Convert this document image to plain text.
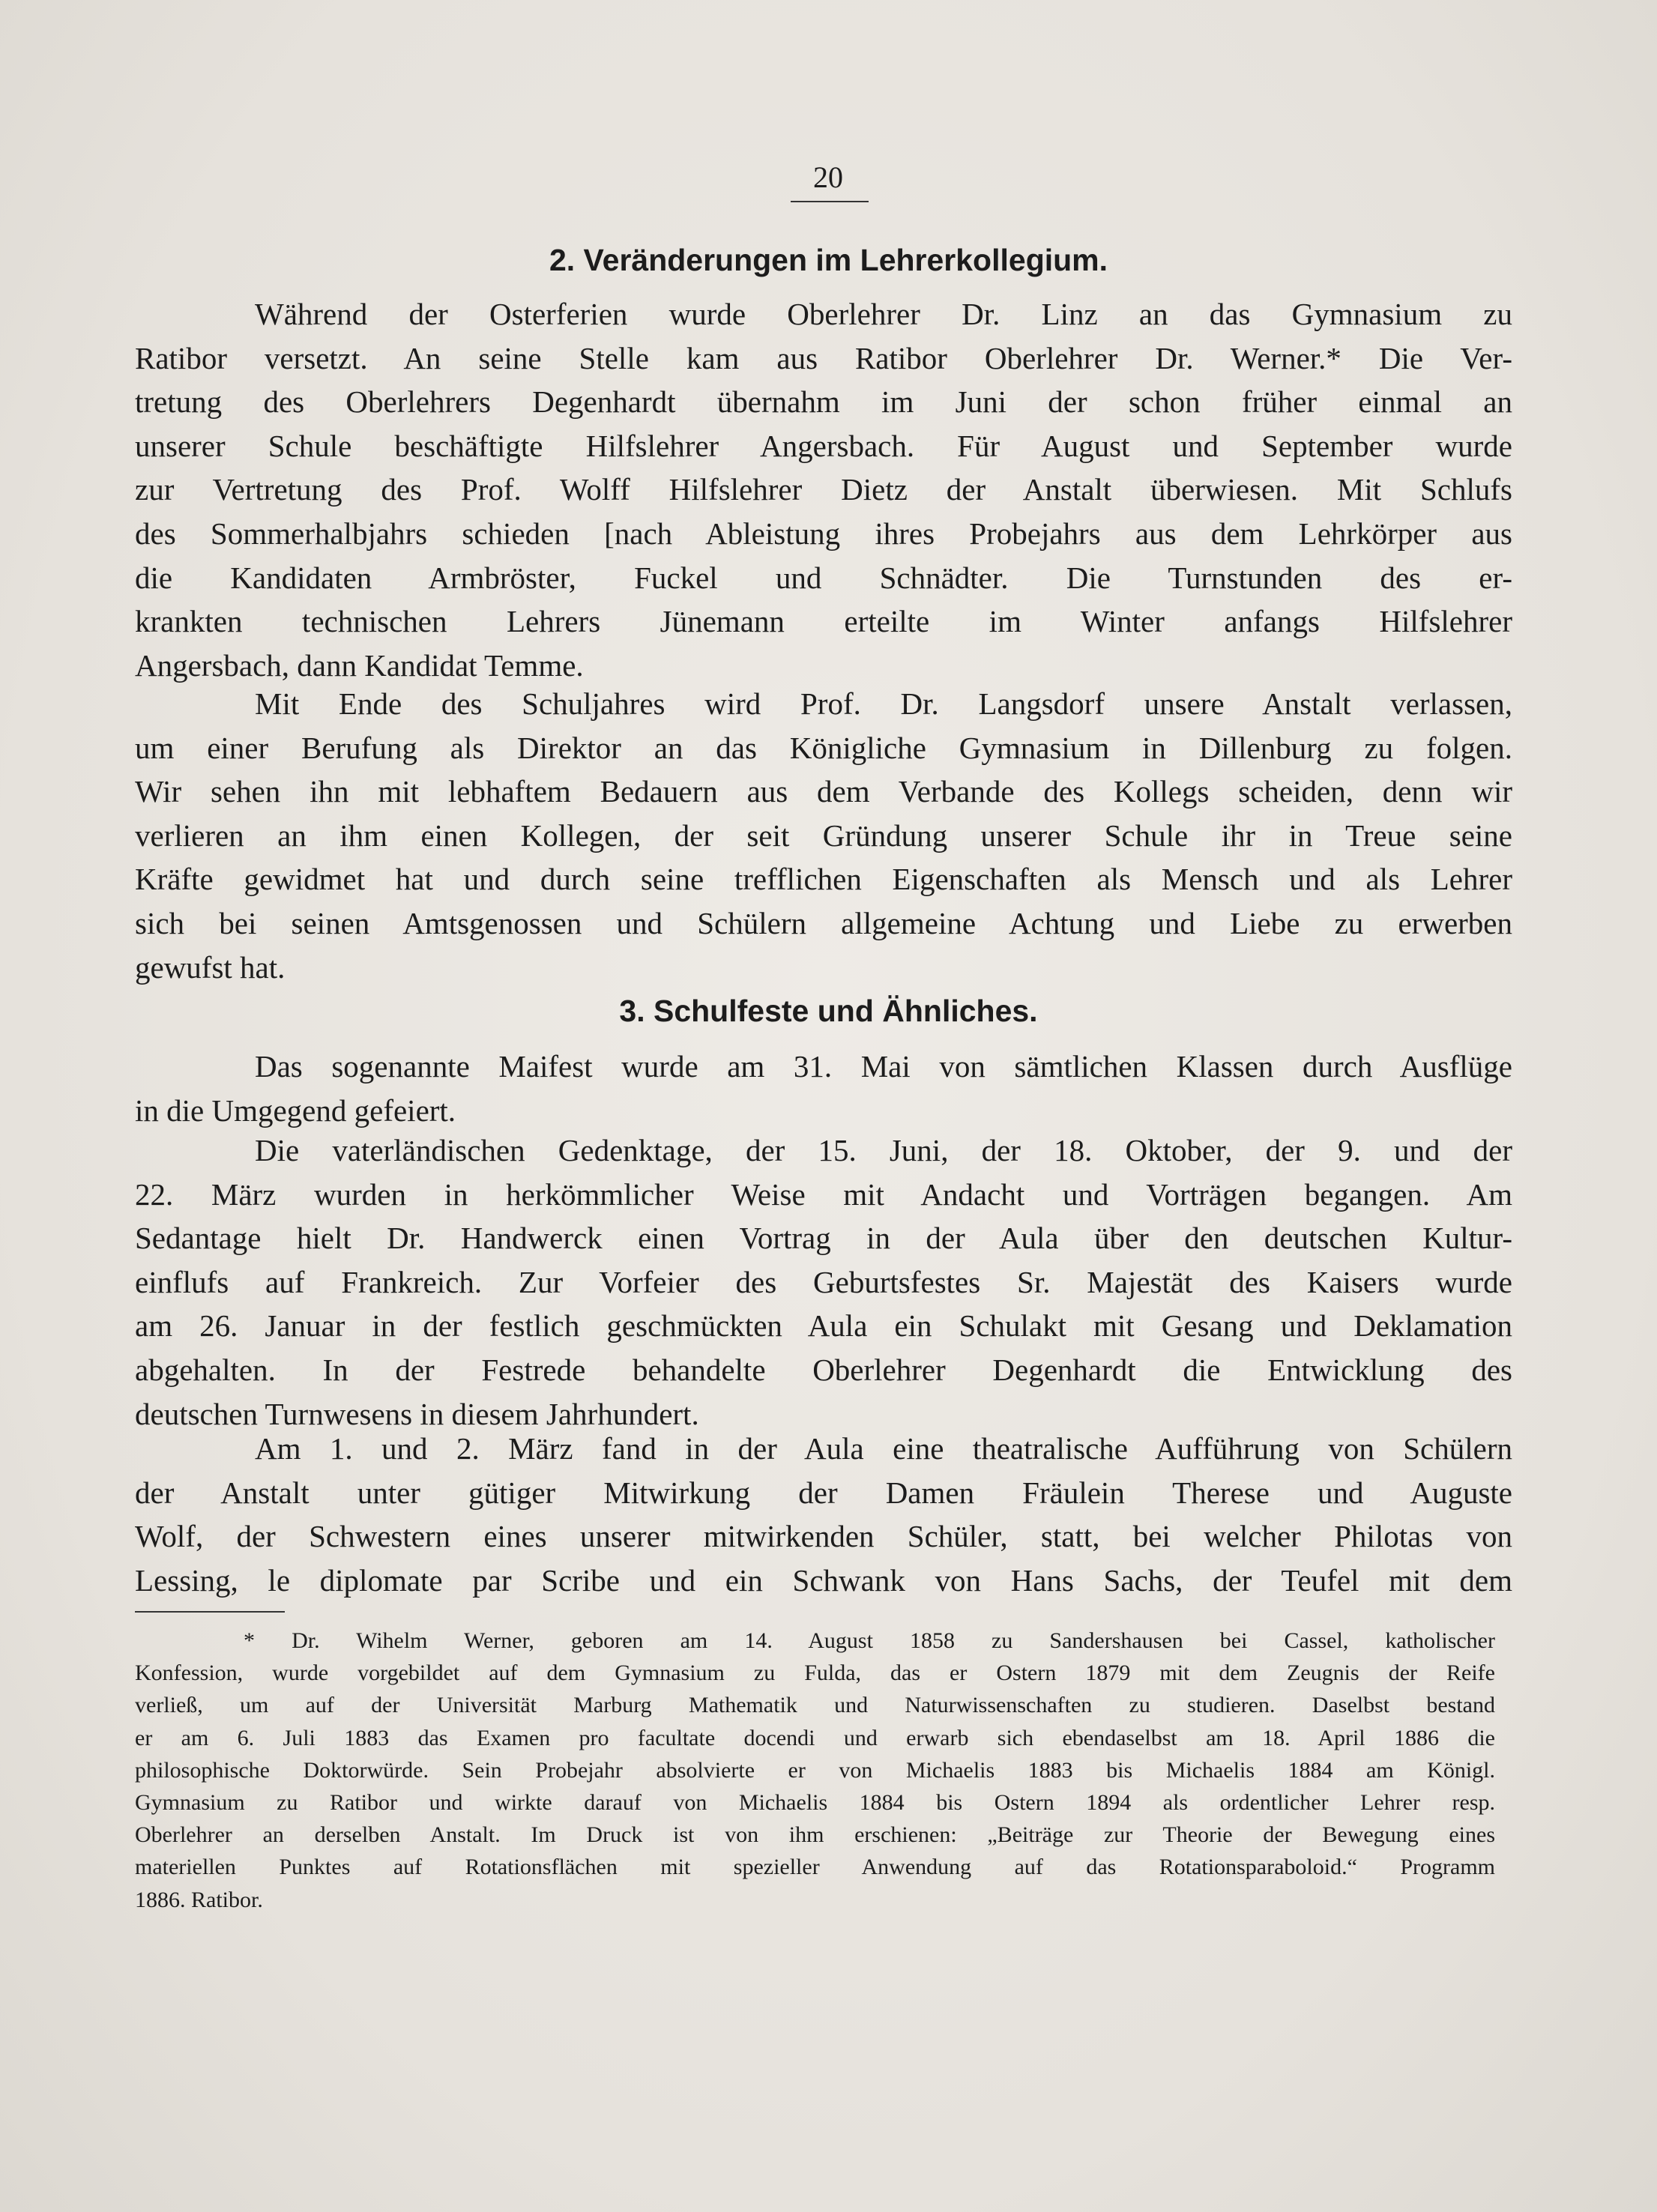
20
2. Veränderungen im Lehrerkollegium.
Während der Osterferien wurde Oberlehrer Dr. Linz an das Gymnasium zu
Ratibor versetzt. An seine Stelle kam aus Ratibor Oberlehrer Dr. Werner.* Die Ver-
tretung des Oberlehrers Degenhardt übernahm im Juni der schon früher einmal an
unserer Schule beschäftigte Hilfslehrer Angersbach. Für August und September wurde
zur Vertretung des Prof. Wolff Hilfslehrer Dietz der Anstalt überwiesen. Mit Schlufs
des Sommerhalbjahrs schieden [nach Ableistung ihres Probejahrs aus dem Lehrkörper aus
die Kandidaten Armbröster, Fuckel und Schnädter. Die Turnstunden des er-
krankten technischen Lehrers Jünemann erteilte im Winter anfangs Hilfslehrer
Angersbach, dann Kandidat Temme.
Mit Ende des Schuljahres wird Prof. Dr. Langsdorf unsere Anstalt verlassen,
um einer Berufung als Direktor an das Königliche Gymnasium in Dillenburg zu folgen.
Wir sehen ihn mit lebhaftem Bedauern aus dem Verbande des Kollegs scheiden, denn wir
verlieren an ihm einen Kollegen, der seit Gründung unserer Schule ihr in Treue seine
Kräfte gewidmet hat und durch seine trefflichen Eigenschaften als Mensch und als Lehrer
sich bei seinen Amtsgenossen und Schülern allgemeine Achtung und Liebe zu erwerben
gewufst hat.
3. Schulfeste und Ähnliches.
Das sogenannte Maifest wurde am 31. Mai von sämtlichen Klassen durch Ausflüge
in die Umgegend gefeiert.
Die vaterländischen Gedenktage, der 15. Juni, der 18. Oktober, der 9. und der
22. März wurden in herkömmlicher Weise mit Andacht und Vorträgen begangen. Am
Sedantage hielt Dr. Handwerck einen Vortrag in der Aula über den deutschen Kultur-
einflufs auf Frankreich. Zur Vorfeier des Geburtsfestes Sr. Majestät des Kaisers wurde
am 26. Januar in der festlich geschmückten Aula ein Schulakt mit Gesang und Deklamation
abgehalten. In der Festrede behandelte Oberlehrer Degenhardt die Entwicklung des
deutschen Turnwesens in diesem Jahrhundert.
Am 1. und 2. März fand in der Aula eine theatralische Aufführung von Schülern
der Anstalt unter gütiger Mitwirkung der Damen Fräulein Therese und Auguste
Wolf, der Schwestern eines unserer mitwirkenden Schüler, statt, bei welcher Philotas von
Lessing, le diplomate par Scribe und ein Schwank von Hans Sachs, der Teufel mit dem
* Dr. Wihelm Werner, geboren am 14. August 1858 zu Sandershausen bei Cassel, katholischer
Konfession, wurde vorgebildet auf dem Gymnasium zu Fulda, das er Ostern 1879 mit dem Zeugnis der Reife
verließ, um auf der Universität Marburg Mathematik und Naturwissenschaften zu studieren. Daselbst bestand
er am 6. Juli 1883 das Examen pro facultate docendi und erwarb sich ebendaselbst am 18. April 1886 die
philosophische Doktorwürde. Sein Probejahr absolvierte er von Michaelis 1883 bis Michaelis 1884 am Königl.
Gymnasium zu Ratibor und wirkte darauf von Michaelis 1884 bis Ostern 1894 als ordentlicher Lehrer resp.
Oberlehrer an derselben Anstalt. Im Druck ist von ihm erschienen: „Beiträge zur Theorie der Bewegung eines
materiellen Punktes auf Rotationsflächen mit spezieller Anwendung auf das Rotationsparaboloid.“ Programm
1886. Ratibor.
